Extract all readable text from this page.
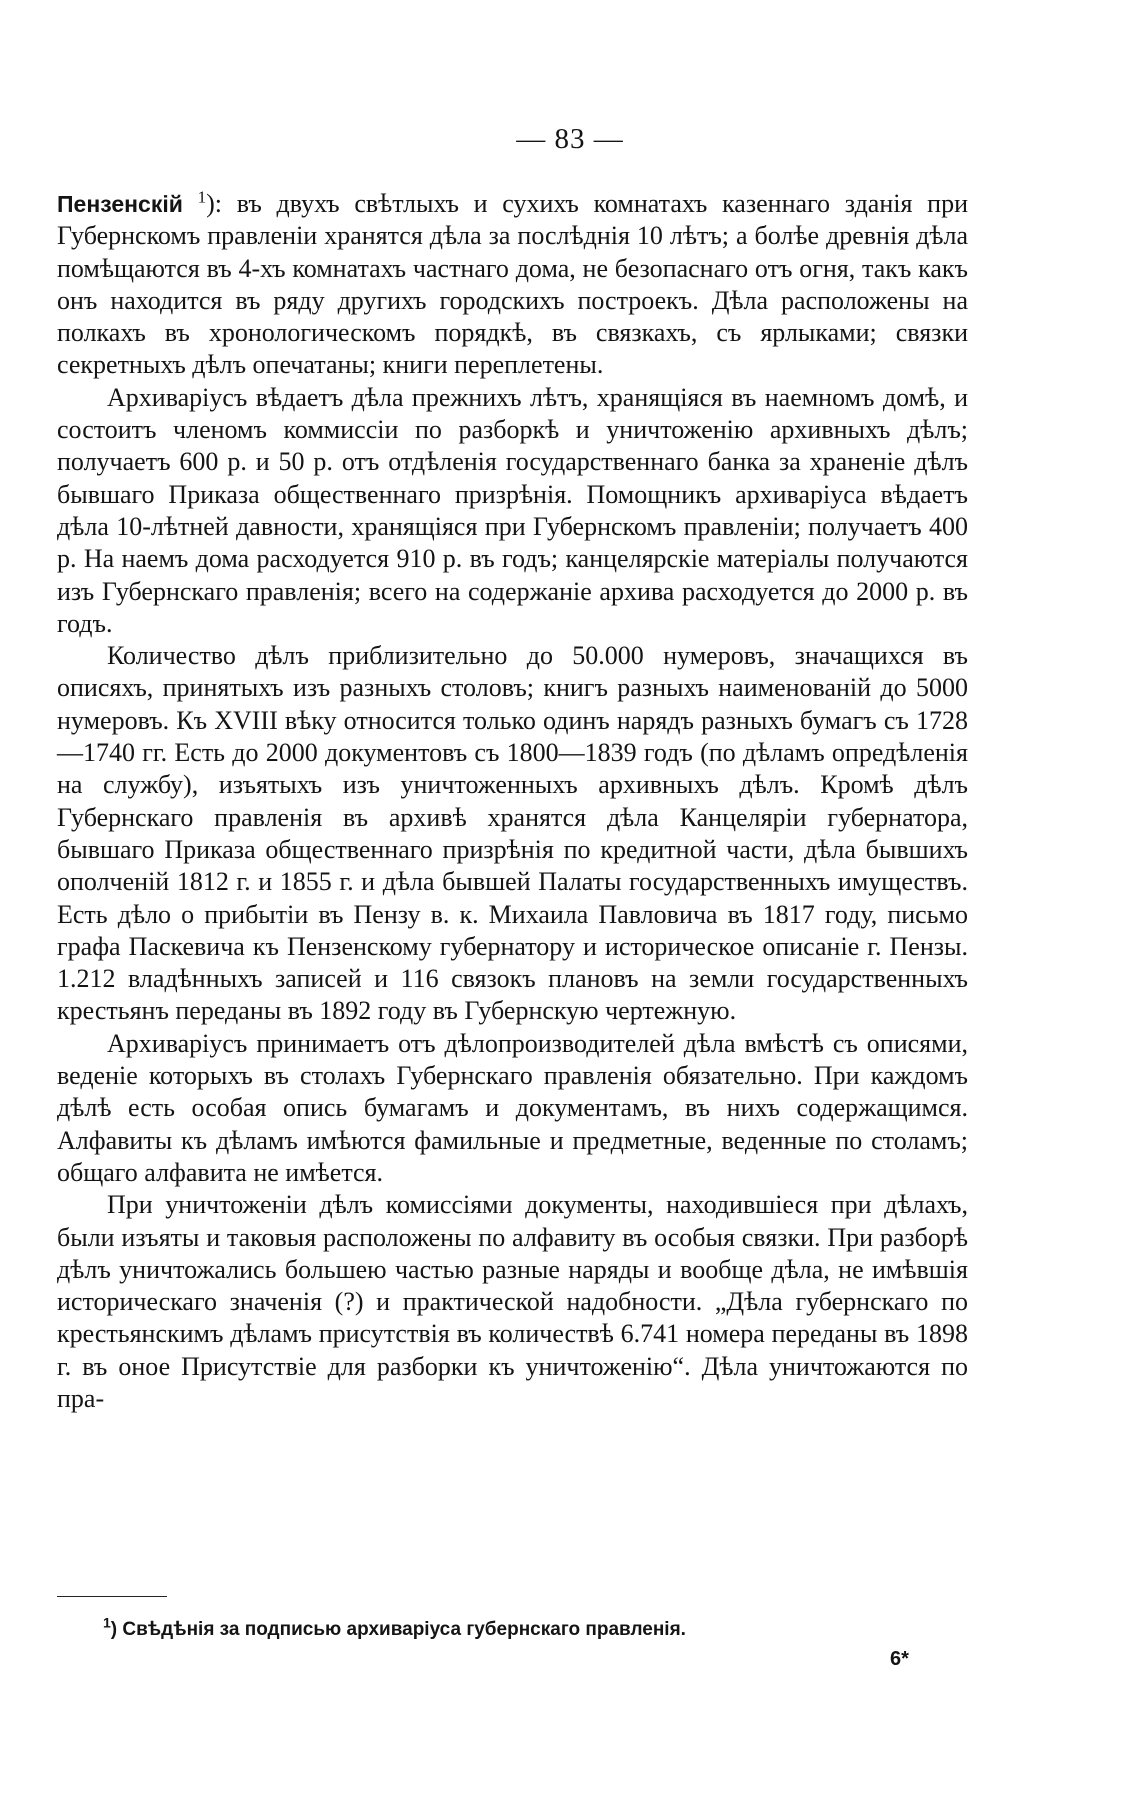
— 83 —

Пензенскій $^1$): въ двухъ свѣтлыхъ и сухихъ комнатахъ казеннаго зданія при Губернскомъ правленіи хранятся дѣла за послѣднія 10 лѣтъ; а болѣе древнія дѣла помѣщаются въ 4-хъ комнатахъ частнаго дома, не безопаснаго отъ огня, такъ какъ онъ находится въ ряду другихъ городскихъ построекъ. Дѣла расположены на полкахъ въ хронологическомъ порядкѣ, въ связкахъ, съ ярлыками; связки секретныхъ дѣлъ опечатаны; книги переплетены.

Архиваріусъ вѣдаетъ дѣла прежнихъ лѣтъ, хранящіяся въ наемномъ домѣ, и состоитъ членомъ коммиссіи по разборкѣ и уничтоженію архивныхъ дѣлъ; получаетъ 600 р. и 50 р. отъ отдѣленія государственнаго банка за храненіе дѣлъ бывшаго Приказа общественнаго призрѣнія. Помощникъ архиваріуса вѣдаетъ дѣла 10-лѣтней давности, хранящіяся при Губернскомъ правленіи; получаетъ 400 р. На наемъ дома расходуется 910 р. въ годъ; канцелярскіе матеріалы получаются изъ Губернскаго правленія; всего на содержаніе архива расходуется до 2000 р. въ годъ.

Количество дѣлъ приблизительно до 50.000 нумеровъ, значащихся въ описяхъ, принятыхъ изъ разныхъ столовъ; книгъ разныхъ наименованій до 5000 нумеровъ. Къ XVIII вѣку относится только одинъ нарядъ разныхъ бумагъ съ 1728—1740 гг. Есть до 2000 документовъ съ 1800—1839 годъ (по дѣламъ опредѣленія на службу), изъятыхъ изъ уничтоженныхъ архивныхъ дѣлъ. Кромѣ дѣлъ Губернскаго правленія въ архивѣ хранятся дѣла Канцеляріи губернатора, бывшаго Приказа общественнаго призрѣнія по кредитной части, дѣла бывшихъ ополченій 1812 г. и 1855 г. и дѣла бывшей Палаты государственныхъ имуществъ. Есть дѣло о прибытіи въ Пензу в. к. Михаила Павловича въ 1817 году, письмо графа Паскевича къ Пензенскому губернатору и историческое описаніе г. Пензы. 1.212 владѣнныхъ записей и 116 связокъ плановъ на земли государственныхъ крестьянъ переданы въ 1892 году въ Губернскую чертежную.

Архиваріусъ принимаетъ отъ дѣлопроизводителей дѣла вмѣстѣ съ описями, веденіе которыхъ въ столахъ Губернскаго правленія обязательно. При каждомъ дѣлѣ есть особая опись бумагамъ и документамъ, въ нихъ содержащимся. Алфавиты къ дѣламъ имѣются фамильные и предметные, веденные по столамъ; общаго алфавита не имѣется.

При уничтоженіи дѣлъ комиссіями документы, находившіеся при дѣлахъ, были изъяты и таковыя расположены по алфавиту въ особыя связки. При разборѣ дѣлъ уничтожались большею частью разные наряды и вообще дѣла, не имѣвшія историческаго значенія (?) и практической надобности. „Дѣла губернскаго по крестьянскимъ дѣламъ присутствія въ количествѣ 6.741 номера переданы въ 1898 г. въ оное Присутствіе для разборки къ уничтоженію“. Дѣла уничтожаются по пра-

$^1$) Свѣдѣнія за подписью архиваріуса губернскаго правленія.
6*
